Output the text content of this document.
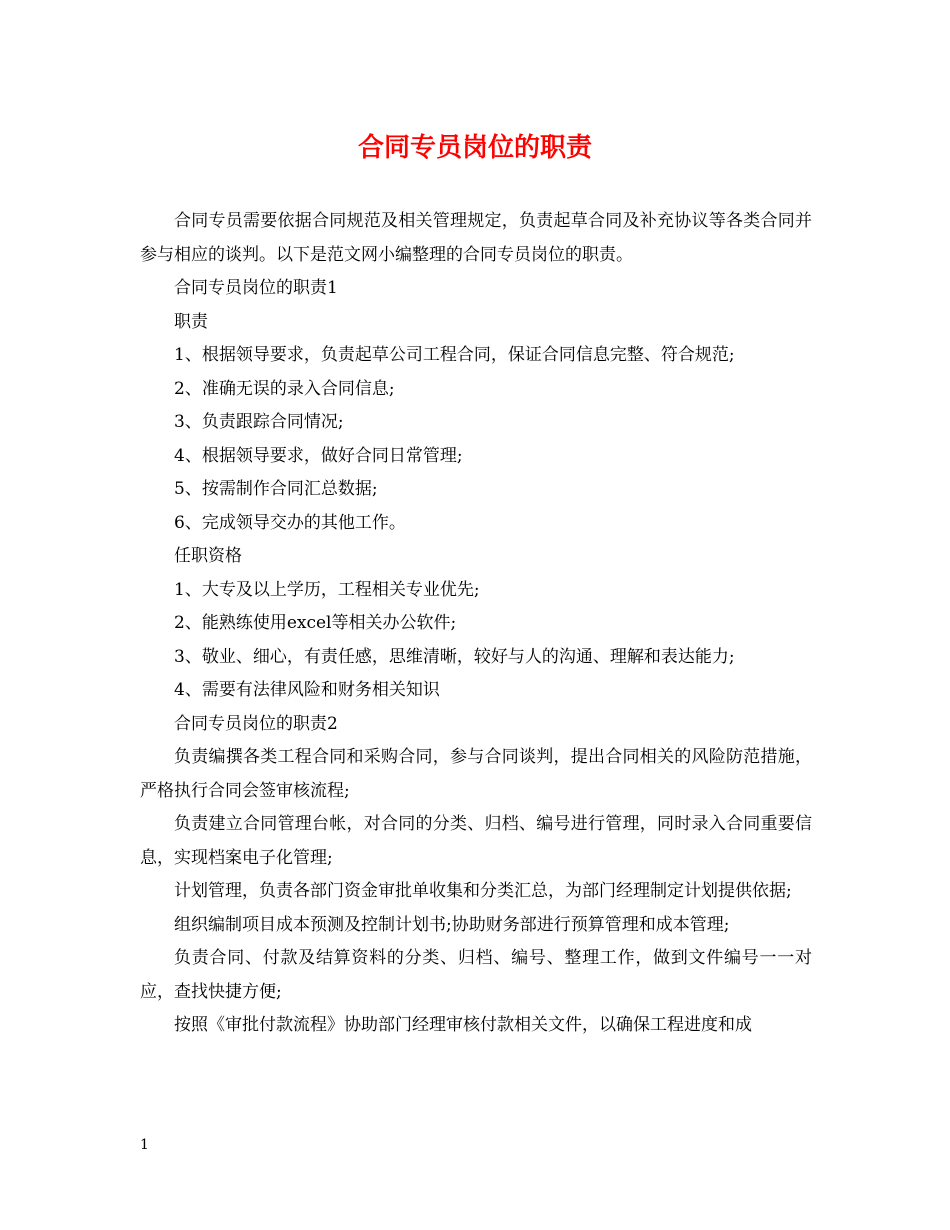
合同专员岗位的职责

合同专员需要依据合同规范及相关管理规定，负责起草合同及补充协议等各类合同并参与相应的谈判。以下是范文网小编整理的合同专员岗位的职责。

合同专员岗位的职责1

职责

1、根据领导要求，负责起草公司工程合同，保证合同信息完整、符合规范;

2、准确无误的录入合同信息;

3、负责跟踪合同情况;

4、根据领导要求，做好合同日常管理;

5、按需制作合同汇总数据;

6、完成领导交办的其他工作。

任职资格

1、大专及以上学历，工程相关专业优先;

2、能熟练使用excel等相关办公软件;

3、敬业、细心，有责任感，思维清晰，较好与人的沟通、理解和表达能力;

4、需要有法律风险和财务相关知识

合同专员岗位的职责2

负责编撰各类工程合同和采购合同，参与合同谈判，提出合同相关的风险防范措施，严格执行合同会签审核流程;

负责建立合同管理台帐，对合同的分类、归档、编号进行管理，同时录入合同重要信息，实现档案电子化管理;

计划管理，负责各部门资金审批单收集和分类汇总，为部门经理制定计划提供依据;

组织编制项目成本预测及控制计划书;协助财务部进行预算管理和成本管理;

负责合同、付款及结算资料的分类、归档、编号、整理工作，做到文件编号一一对应，查找快捷方便;

按照《审批付款流程》协助部门经理审核付款相关文件，以确保工程进度和成

1
